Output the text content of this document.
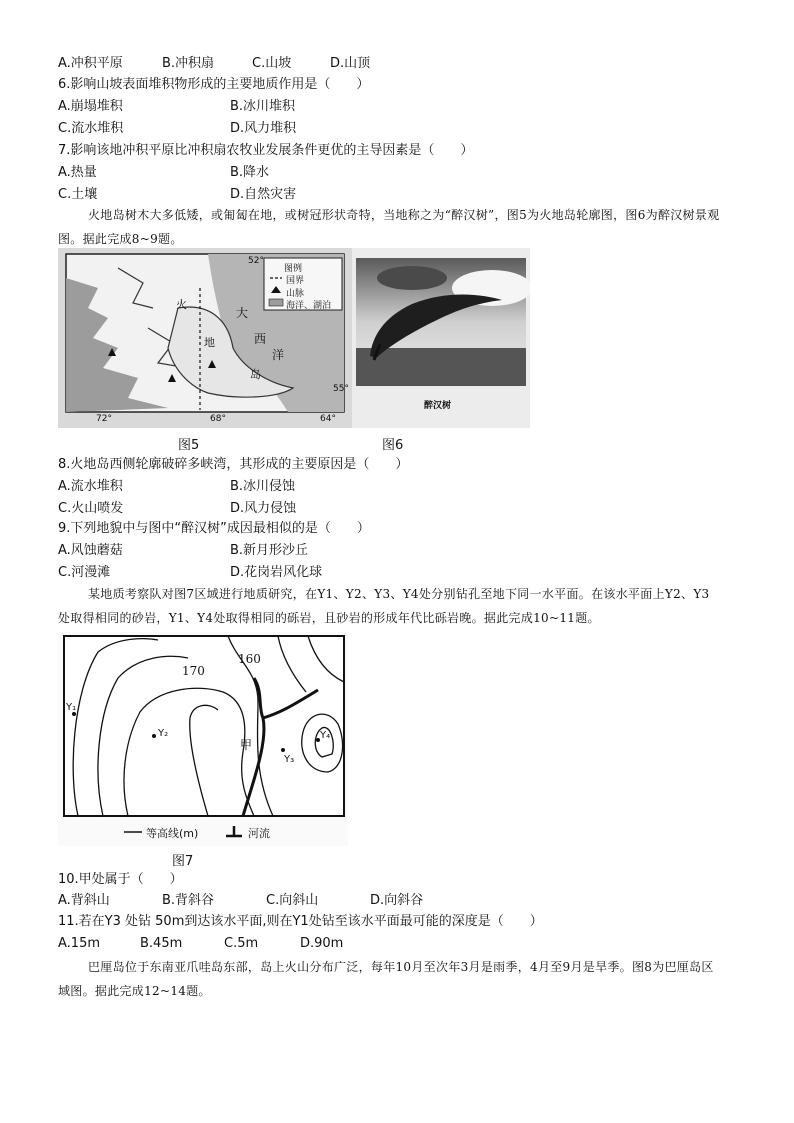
A.冲积平原	B.冲积扇	C.山坡	D.山顶
6.影响山坡表面堆积物形成的主要地质作用是（　　）
A.崩塌堆积	B.冰川堆积
C.流水堆积	D.风力堆积
7.影响该地冲积平原比冲积扇农牧业发展条件更优的主导因素是（　　）
A.热量	B.降水
C.土壤	D.自然灾害
火地岛树木大多低矮，或匍匐在地，或树冠形状奇特，当地称之为“醉汉树”，图5为火地岛轮廓图，图6为醉汉树景观图。据此完成8~9题。
图例
国界
山脉
海洋、湖泊
52°
55°
72°	68°	64°
大
西
洋
火
地
岛
醉汉树
图5	图6
8.火地岛西侧轮廓破碎多峡湾，其形成的主要原因是（　　）
A.流水堆积	B.冰川侵蚀
C.火山喷发	D.风力侵蚀
9.下列地貌中与图中“醉汉树”成因最相似的是（　　）
A.风蚀蘑菇	B.新月形沙丘
C.河漫滩	D.花岗岩风化球
某地质考察队对图7区域进行地质研究，在Y1、Y2、Y3、Y4处分别钻孔至地下同一水平面。在该水平面上Y2、Y3处取得相同的砂岩，Y1、Y4处取得相同的砾岩，且砂岩的形成年代比砾岩晚。据此完成10~11题。
170
160
Y₁
Y₂
Y₃
Y₄
甲
等高线(m)	河流
图7
10.甲处属于（　　）
A.背斜山	B.背斜谷	C.向斜山	D.向斜谷
11.若在Y3 处钻 50m到达该水平面,则在Y1处钻至该水平面最可能的深度是（　　）
A.15m	B.45m	C.5m	D.90m
巴厘岛位于东南亚爪哇岛东部，岛上火山分布广泛，每年10月至次年3月是雨季，4月至9月是旱季。图8为巴厘岛区域图。据此完成12~14题。
